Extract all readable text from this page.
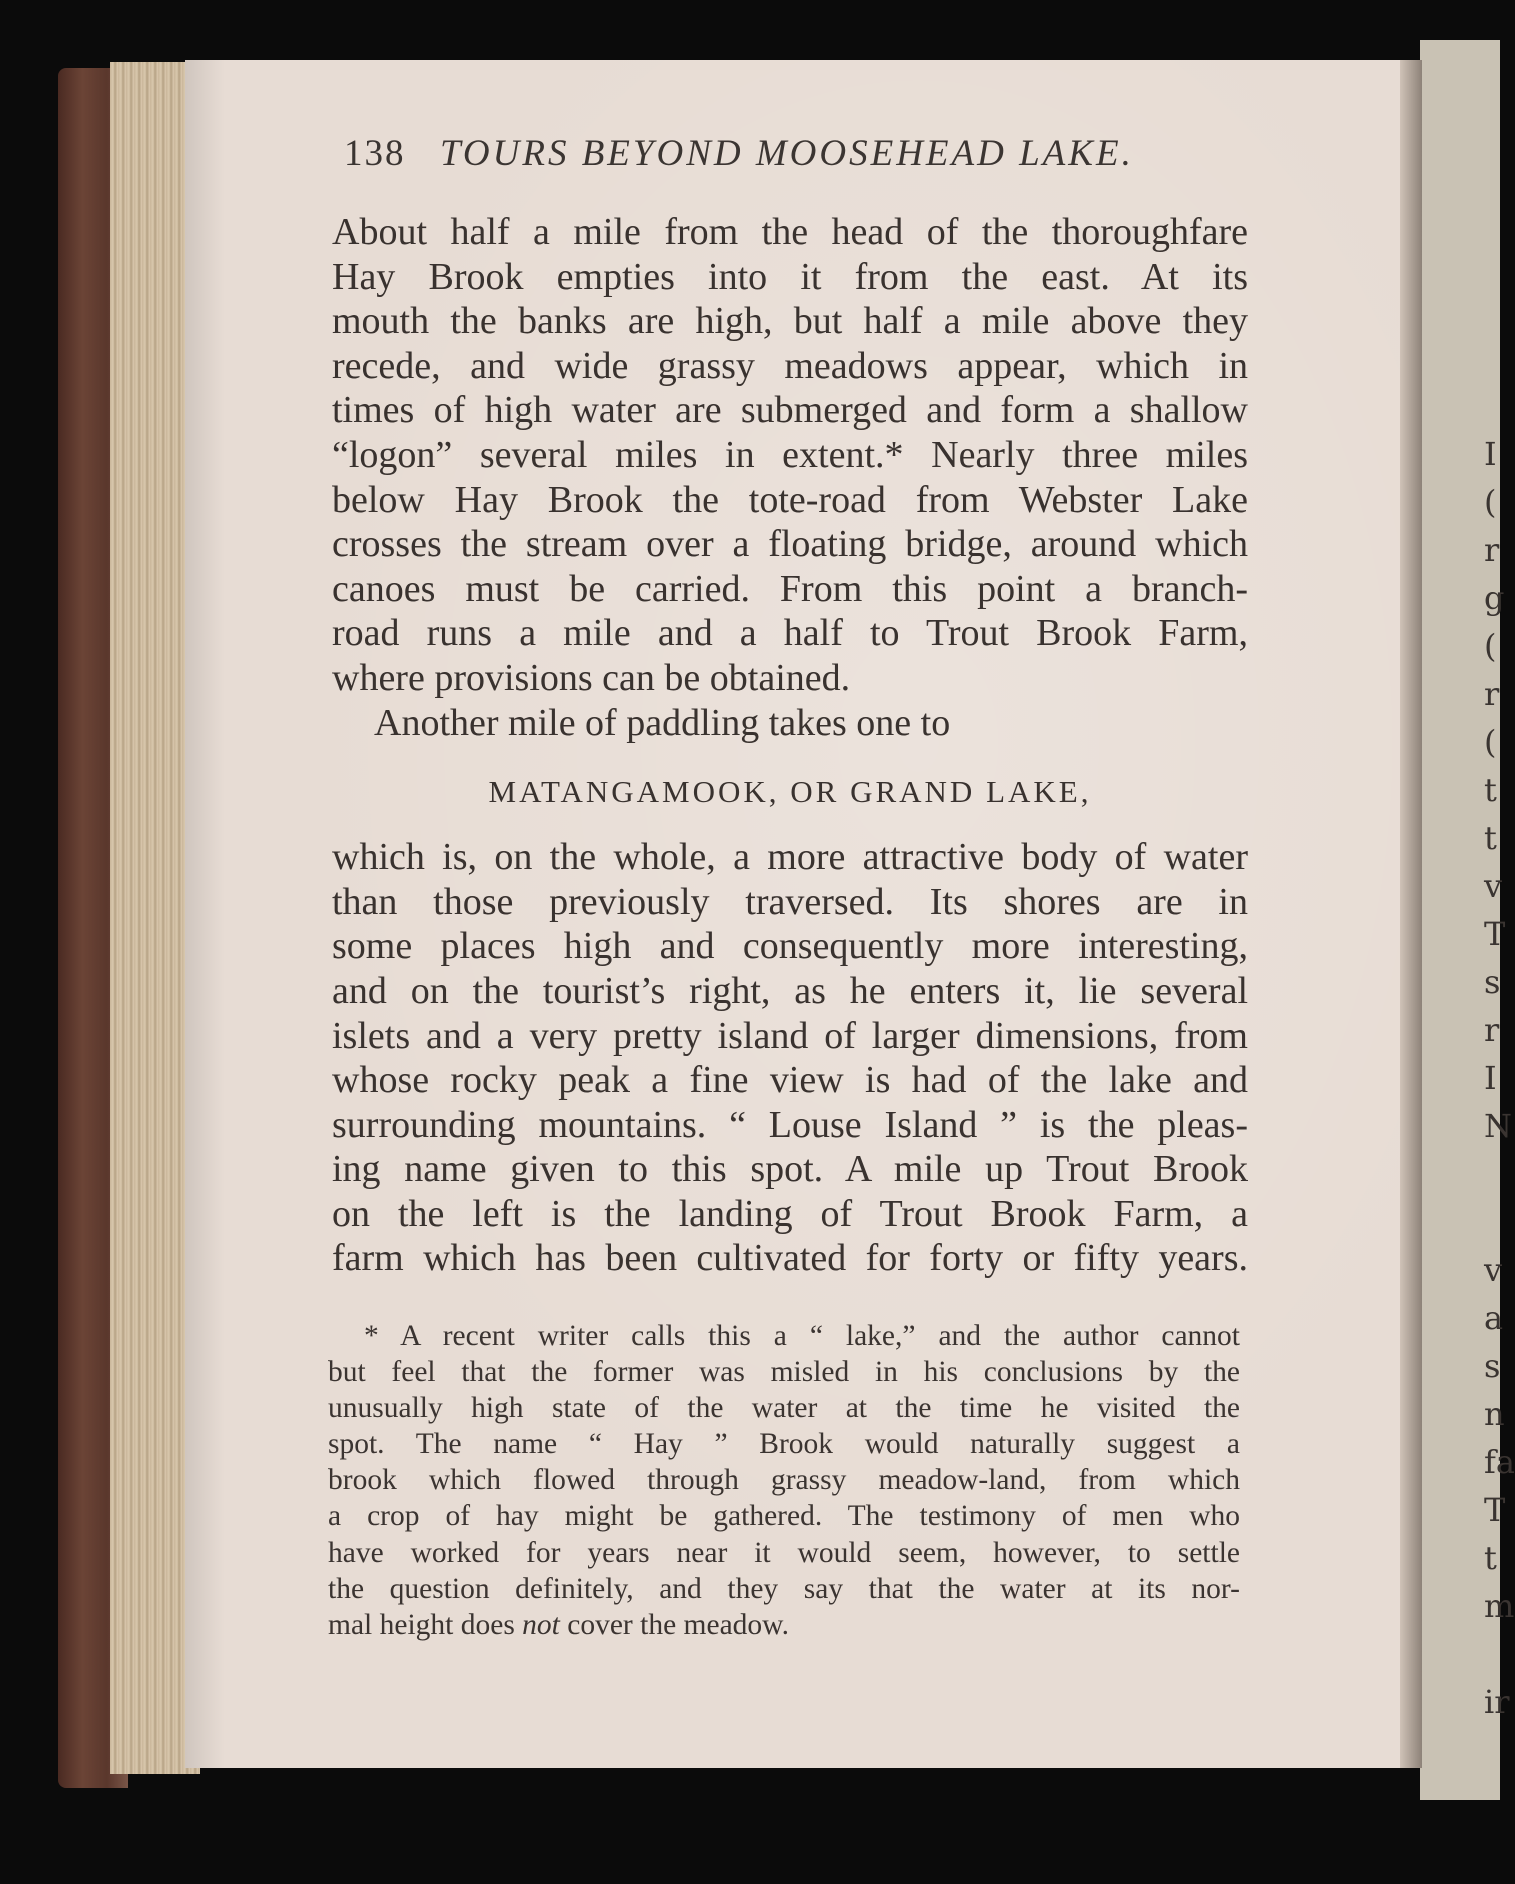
I
(
r
g
(
r
(
t
t
v
T
s
r
I
N

v
a
s
n
fa
T
t
m

ir
138 TOURS BEYOND MOOSEHEAD LAKE.
About half a mile from the head of the thoroughfare
Hay Brook empties into it from the east. At its
mouth the banks are high, but half a mile above they
recede, and wide grassy meadows appear, which in
times of high water are submerged and form a shallow
“logon” several miles in extent.* Nearly three miles
below Hay Brook the tote-road from Webster Lake
crosses the stream over a floating bridge, around which
canoes must be carried. From this point a branch-
road runs a mile and a half to Trout Brook Farm,
where provisions can be obtained.
Another mile of paddling takes one to
MATANGAMOOK, OR GRAND LAKE,
which is, on the whole, a more attractive body of water
than those previously traversed. Its shores are in
some places high and consequently more interesting,
and on the tourist’s right, as he enters it, lie several
islets and a very pretty island of larger dimensions, from
whose rocky peak a fine view is had of the lake and
surrounding mountains. “ Louse Island ” is the pleas-
ing name given to this spot. A mile up Trout Brook
on the left is the landing of Trout Brook Farm, a
farm which has been cultivated for forty or fifty years.
* A recent writer calls this a “ lake,” and the author cannot
but feel that the former was misled in his conclusions by the
unusually high state of the water at the time he visited the
spot. The name “ Hay ” Brook would naturally suggest a
brook which flowed through grassy meadow-land, from which
a crop of hay might be gathered. The testimony of men who
have worked for years near it would seem, however, to settle
the question definitely, and they say that the water at its nor-
mal height does not cover the meadow.
